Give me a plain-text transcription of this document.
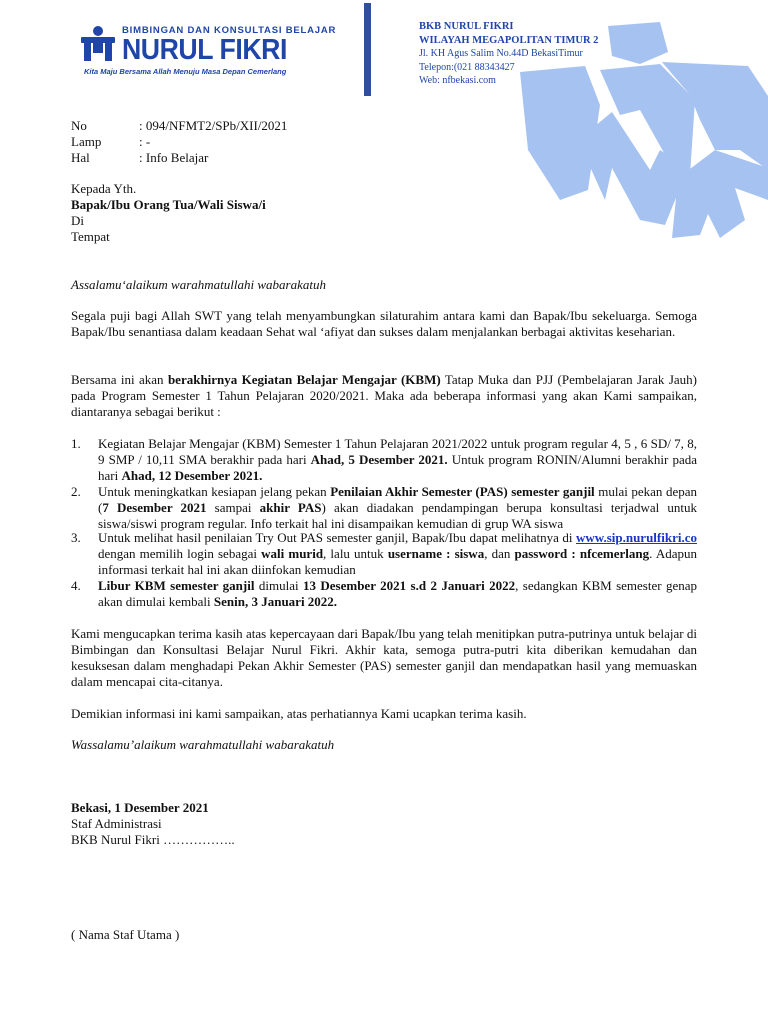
BIMBINGAN DAN KONSULTASI BELAJAR
NURUL FIKRI
Kita Maju Bersama Allah Menuju Masa Depan Cemerlang
BKB NURUL FIKRI
WILAYAH MEGAPOLITAN TIMUR 2
Jl. KH Agus Salim No.44D BekasiTimur
Telepon:(021 88343427
Web: nfbekasi.com
No	: 094/NFMT2/SPb/XII/2021
Lamp	: -
Hal	: Info Belajar
Kepada Yth.
Bapak/Ibu Orang Tua/Wali Siswa/i
Di
Tempat
Assalamu‘alaikum warahmatullahi wabarakatuh
Segala puji bagi Allah SWT yang telah menyambungkan silaturahim antara kami dan Bapak/Ibu sekeluarga. Semoga Bapak/Ibu senantiasa dalam keadaan Sehat wal ‘afiyat dan sukses dalam menjalankan berbagai aktivitas keseharian.
Bersama ini akan berakhirnya Kegiatan Belajar Mengajar (KBM) Tatap Muka dan PJJ (Pembelajaran Jarak Jauh) pada Program Semester 1 Tahun Pelajaran 2020/2021. Maka ada beberapa informasi yang akan Kami sampaikan, diantaranya sebagai berikut :
1. Kegiatan Belajar Mengajar (KBM) Semester 1 Tahun Pelajaran 2021/2022 untuk program regular 4, 5 , 6 SD/ 7, 8, 9 SMP / 10,11 SMA berakhir pada hari Ahad, 5 Desember 2021. Untuk program RONIN/Alumni berakhir pada hari Ahad, 12 Desember 2021.
2. Untuk meningkatkan kesiapan jelang pekan Penilaian Akhir Semester (PAS) semester ganjil mulai pekan depan (7 Desember 2021 sampai akhir PAS) akan diadakan pendampingan berupa konsultasi terjadwal untuk siswa/siswi program regular. Info terkait hal ini disampaikan kemudian di grup WA siswa
3. Untuk melihat hasil penilaian Try Out PAS semester ganjil, Bapak/Ibu dapat melihatnya di www.sip.nurulfikri.co dengan memilih login sebagai wali murid, lalu untuk username : siswa, dan password : nfcemerlang. Adapun informasi terkait hal ini akan diinfokan kemudian
4. Libur KBM semester ganjil dimulai 13 Desember 2021 s.d 2 Januari 2022, sedangkan KBM semester genap akan dimulai kembali Senin, 3 Januari 2022.
Kami mengucapkan terima kasih atas kepercayaan dari Bapak/Ibu yang telah menitipkan putra-putrinya untuk belajar di Bimbingan dan Konsultasi Belajar Nurul Fikri. Akhir kata, semoga putra-putri kita diberikan kemudahan dan kesuksesan dalam menghadapi Pekan Akhir Semester (PAS) semester ganjil dan mendapatkan hasil yang memuaskan dalam mencapai cita-citanya.
Demikian informasi ini kami sampaikan, atas perhatiannya Kami ucapkan terima kasih.
Wassalamu’alaikum warahmatullahi wabarakatuh
Bekasi, 1 Desember 2021
Staf Administrasi
BKB Nurul Fikri ……………..
( Nama Staf Utama )
